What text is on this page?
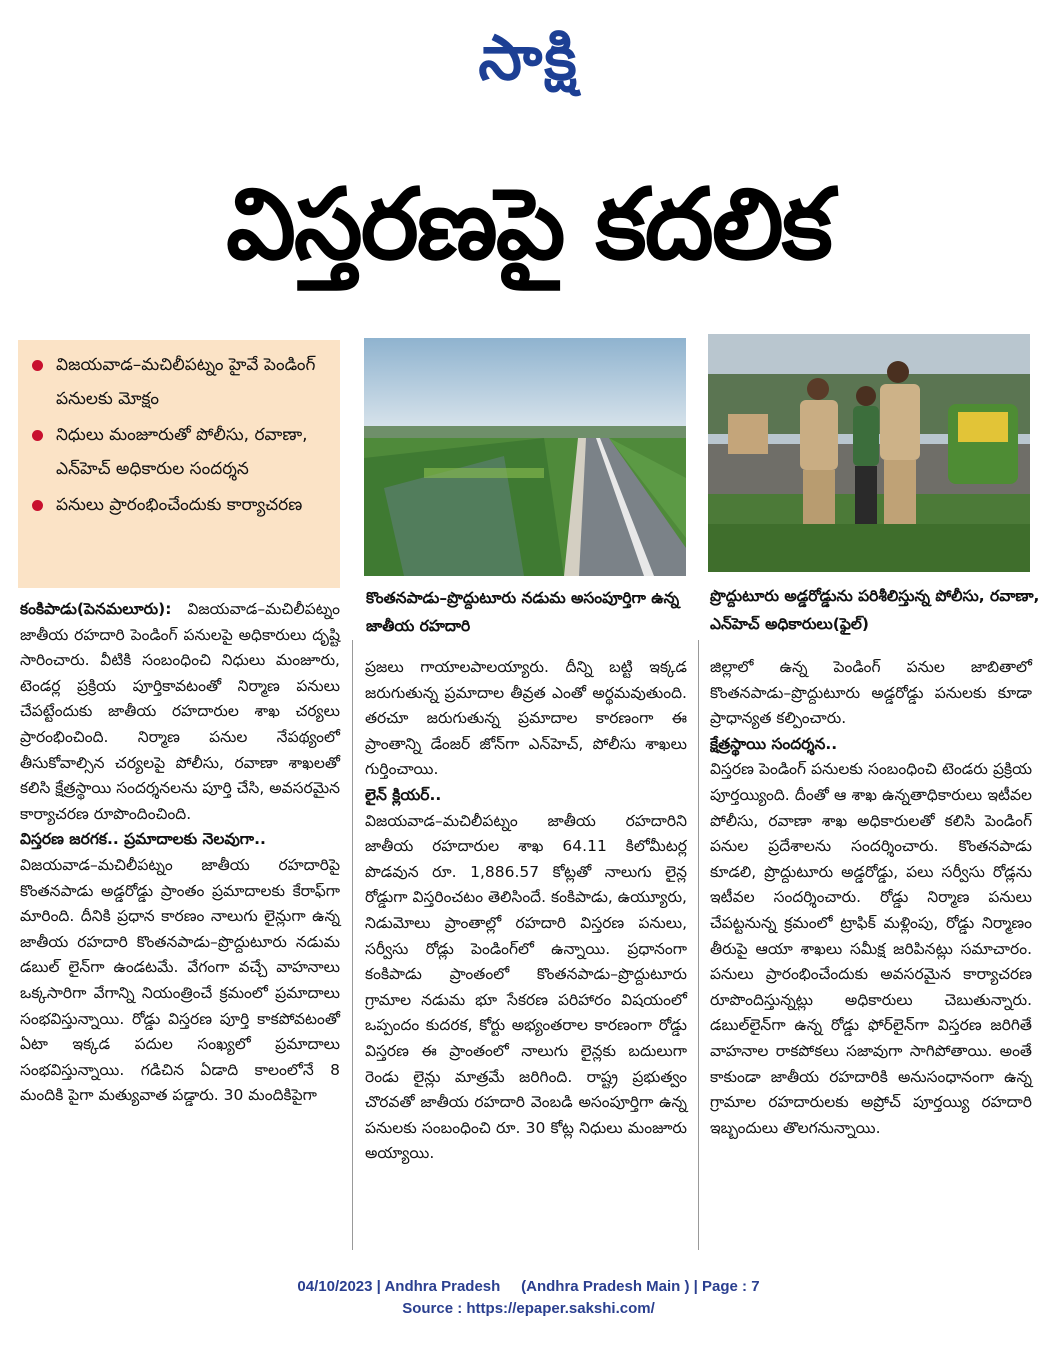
సాక్షి
విస్తరణపై కదలిక
విజయవాడ–మచిలీపట్నం హైవే పెండింగ్‌ పనులకు మోక్షం
నిధులు మంజూరుతో పోలీసు, రవాణా, ఎన్‌హెచ్‌ అధికారుల సందర్శన
పనులు ప్రారంభించేందుకు కార్యాచరణ
కొంతనపాడు–ప్రొద్దుటూరు నడుమ అసంపూర్తిగా ఉన్న జాతీయ రహదారి
ప్రొద్దుటూరు అడ్డరోడ్డును పరిశీలిస్తున్న పోలీసు, రవాణా, ఎన్‌హెచ్‌ అధికారులు(ఫైల్‌)

కంకిపాడు(పెనమలూరు): విజయవాడ–మచిలీపట్నం జాతీయ రహదారి పెండింగ్‌ పనులపై అధికారులు దృష్టి సారించారు. వీటికి సంబంధించి నిధులు మంజూరు, టెండర్ల ప్రక్రియ పూర్తికావటంతో నిర్మాణ పనులు చేపట్టేందుకు జాతీయ రహదారుల శాఖ చర్యలు ప్రారంభించింది. నిర్మాణ పనుల నేపథ్యంలో తీసుకోవాల్సిన చర్యలపై పోలీసు, రవాణా శాఖలతో కలిసి క్షేత్రస్థాయి సందర్శనలను పూర్తి చేసి, అవసరమైన కార్యాచరణ రూపొందించింది.

విస్తరణ జరగక.. ప్రమాదాలకు నెలవుగా..

విజయవాడ–మచిలీపట్నం జాతీయ రహదారిపై కొంతనపాడు అడ్డరోడ్డు ప్రాంతం ప్రమాదాలకు కేరాఫ్‌గా మారింది. దీనికి ప్రధాన కారణం నాలుగు లైన్లుగా ఉన్న జాతీయ రహదారి కొంతనపాడు–ప్రొద్దుటూరు నడుమ డబుల్‌ లైన్‌గా ఉండటమే. వేగంగా వచ్చే వాహనాలు ఒక్కసారిగా వేగాన్ని నియంత్రించే క్రమంలో ప్రమాదాలు సంభవిస్తున్నాయి. రోడ్డు విస్తరణ పూర్తి కాకపోవటంతో ఏటా ఇక్కడ పదుల సంఖ్యలో ప్రమాదాలు సంభవిస్తున్నాయి. గడిచిన ఏడాది కాలంలోనే 8 మందికి పైగా మత్యువాత పడ్డారు. 30 మందికిపైగా

ప్రజలు గాయాలపాలయ్యారు. దీన్ని బట్టి ఇక్కడ జరుగుతున్న ప్రమాదాల తీవ్రత ఎంతో అర్థమవుతుంది. తరచూ జరుగుతున్న ప్రమాదాల కారణంగా ఈ ప్రాంతాన్ని డేంజర్‌ జోన్‌గా ఎన్‌హెచ్‌, పోలీసు శాఖలు గుర్తించాయి.

లైన్‌ క్లియర్‌..

విజయవాడ–మచిలీపట్నం జాతీయ రహదారిని జాతీయ రహదారుల శాఖ 64.11 కిలోమీటర్ల పొడవున రూ. 1,886.57 కోట్లతో నాలుగు లైన్ల రోడ్డుగా విస్తరించటం తెలిసిందే. కంకిపాడు, ఉయ్యూరు, నిడుమోలు ప్రాంతాల్లో రహదారి విస్తరణ పనులు, సర్వీసు రోడ్లు పెండింగ్‌లో ఉన్నాయి. ప్రధానంగా కంకిపాడు ప్రాంతంలో కొంతనపాడు–ప్రొద్దుటూరు గ్రామాల నడుమ భూ సేకరణ పరిహారం విషయంలో ఒప్పందం కుదరక, కోర్టు అభ్యంతరాల కారణంగా రోడ్డు విస్తరణ ఈ ప్రాంతంలో నాలుగు లైన్లకు బదులుగా రెండు లైన్లు మాత్రమే జరిగింది. రాష్ట్ర ప్రభుత్వం చొరవతో జాతీయ రహదారి వెంబడి అసంపూర్తిగా ఉన్న పనులకు సంబంధించి రూ. 30 కోట్ల నిధులు మంజూరు అయ్యాయి.

జిల్లాలో ఉన్న పెండింగ్‌ పనుల జాబితాలో కొంతనపాడు–ప్రొద్దుటూరు అడ్డరోడ్డు పనులకు కూడా ప్రాధాన్యత కల్పించారు.

క్షేత్రస్థాయి సందర్శన..

విస్తరణ పెండింగ్‌ పనులకు సంబంధించి టెండరు ప్రక్రియ పూర్తయ్యింది. దీంతో ఆ శాఖ ఉన్నతాధికారులు ఇటీవల పోలీసు, రవాణా శాఖ అధికారులతో కలిసి పెండింగ్‌ పనుల ప్రదేశాలను సందర్శించారు. కొంతనపాడు కూడలి, ప్రొద్దుటూరు అడ్డరోడ్డు, పలు సర్వీసు రోడ్లను ఇటీవల సందర్శించారు. రోడ్డు నిర్మాణ పనులు చేపట్టనున్న క్రమంలో ట్రాఫిక్‌ మళ్లింపు, రోడ్డు నిర్మాణం తీరుపై ఆయా శాఖలు సమీక్ష జరిపినట్లు సమాచారం. పనులు ప్రారంభించేందుకు అవసరమైన కార్యాచరణ రూపొందిస్తున్నట్లు అధికారులు చెబుతున్నారు. డబుల్‌లైన్‌గా ఉన్న రోడ్డు ఫోర్‌లైన్‌గా విస్తరణ జరిగితే వాహనాల రాకపోకలు సజావుగా సాగిపోతాయి. అంతే కాకుండా జాతీయ రహదారికి అనుసంధానంగా ఉన్న గ్రామాల రహదారులకు అప్రోచ్‌ పూర్తయ్యి రహదారి ఇబ్బందులు తొలగనున్నాయి.

04/10/2023 | Andhra Pradesh     (Andhra Pradesh Main ) | Page : 7
Source : https://epaper.sakshi.com/
